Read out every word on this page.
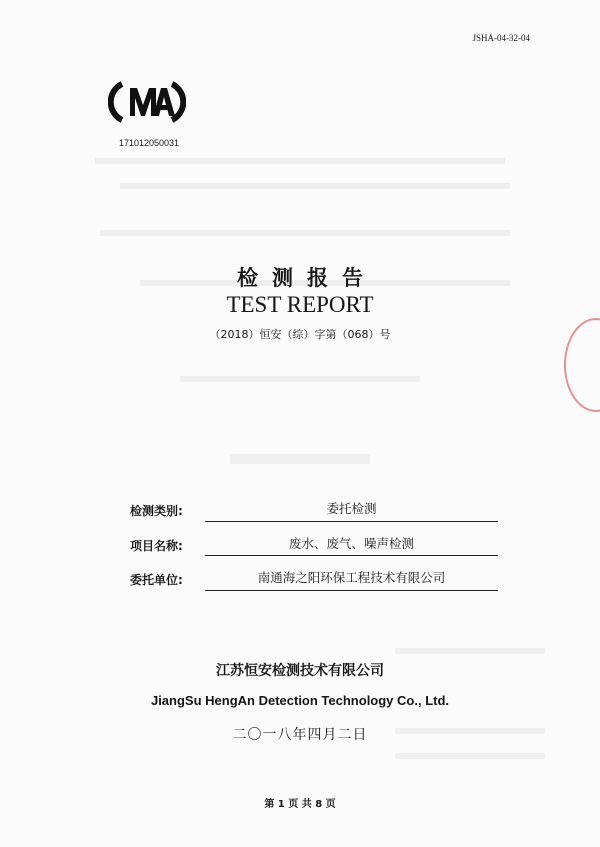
JSHA-04-32-04
171012050031
检测报告
TEST REPORT
（2018）恒安（综）字第（068）号
检测类别:	委托检测
项目名称:	废水、废气、噪声检测
委托单位:	南通海之阳环保工程技术有限公司
江苏恒安检测技术有限公司
JiangSu HengAn Detection Technology Co., Ltd.
二〇一八年四月二日
第 1 页 共 8 页
